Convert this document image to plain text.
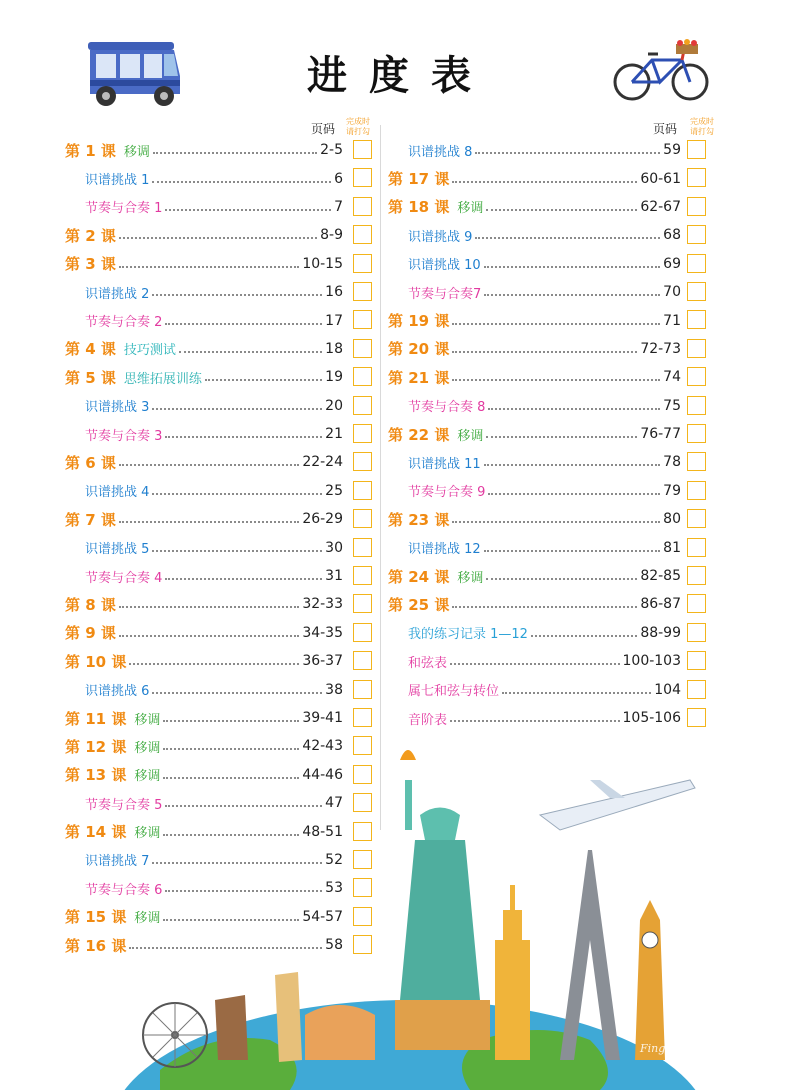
进度表
页码
完成时请打勾	页码
完成时请打勾
第 1 课 移调	2-5
识谱挑战 1	6
节奏与合奏 1	7
第 2 课	8-9
第 3 课	10-15
识谱挑战 2	16
节奏与合奏 2	17
第 4 课 技巧测试	18
第 5 课 思维拓展训练	19
识谱挑战 3	20
节奏与合奏 3	21
第 6 课	22-24
识谱挑战 4	25
第 7 课	26-29
识谱挑战 5	30
节奏与合奏 4	31
第 8 课	32-33
第 9 课	34-35
第 10 课	36-37
识谱挑战 6	38
第 11 课 移调	39-41
第 12 课 移调	42-43
第 13 课 移调	44-46
节奏与合奏 5	47
第 14 课 移调	48-51
识谱挑战 7	52
节奏与合奏 6	53
第 15 课 移调	54-57
第 16 课	58
识谱挑战 8	59
第 17 课	60-61
第 18 课 移调	62-67
识谱挑战 9	68
识谱挑战 10	69
节奏与合奏7	70
第 19 课	71
第 20 课	72-73
第 21 课	74
节奏与合奏 8	75
第 22 课 移调	76-77
识谱挑战 11	78
节奏与合奏 9	79
第 23 课	80
识谱挑战 12	81
第 24 课 移调	82-85
第 25 课	86-87
我的练习记录 1—12	88-99
和弦表	100-103
属七和弦与转位	104
音阶表	105-106
Finger Smart
